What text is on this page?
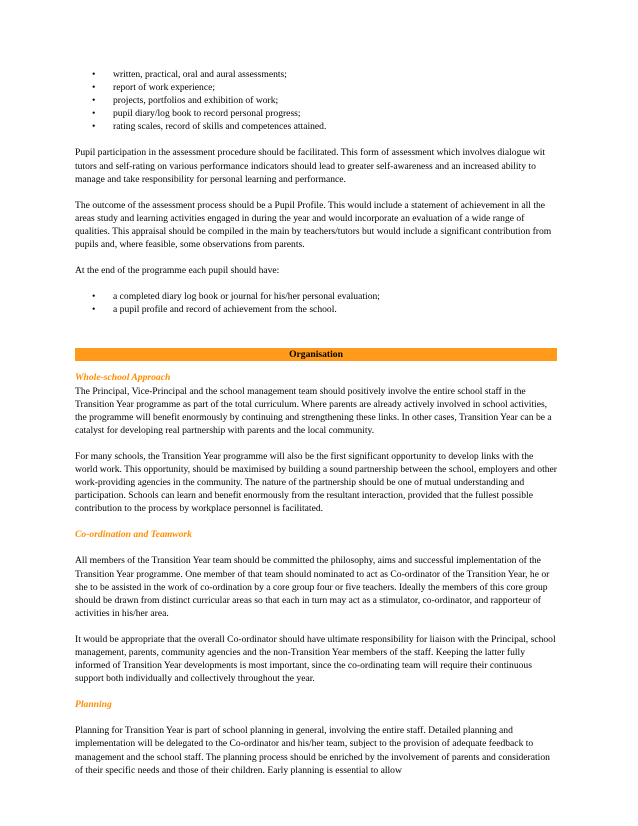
• written, practical, oral and aural assessments;
• report of work experience;
• projects, portfolios and exhibition of work;
• pupil diary/log book to record personal progress;
• rating scales, record of skills and competences attained.

Pupil participation in the assessment procedure should be facilitated. This form of assessment which involves dialogue wit tutors and self-rating on various performance indicators should lead to greater self-awareness and an increased ability to manage and take responsibility for personal learning and performance.

The outcome of the assessment process should be a Pupil Profile. This would include a statement of achievement in all the areas study and learning activities engaged in during the year and would incorporate an evaluation of a wide range of qualities. This appraisal should be compiled in the main by teachers/tutors but would include a significant contribution from pupils and, where feasible, some observations from parents.

At the end of the programme each pupil should have:

• a completed diary log book or journal for his/her personal evaluation;
• a pupil profile and record of achievement from the school.
Organisation

Whole-school Approach

The Principal, Vice-Principal and the school management team should positively involve the entire school staff in the Transition Year programme as part of the total curriculum. Where parents are already actively involved in school activities, the programme will benefit enormously by continuing and strengthening these links. In other cases, Transition Year can be a catalyst for developing real partnership with parents and the local community.

For many schools, the Transition Year programme will also be the first significant opportunity to develop links with the world work. This opportunity, should be maximised by building a sound partnership between the school, employers and other work-providing agencies in the community. The nature of the partnership should be one of mutual understanding and participation. Schools can learn and benefit enormously from the resultant interaction, provided that the fullest possible contribution to the process by workplace personnel is facilitated.

Co-ordination and Teamwork

All members of the Transition Year team should be committed the philosophy, aims and successful implementation of the Transition Year programme. One member of that team should nominated to act as Co-ordinator of the Transition Year, he or she to be assisted in the work of co-ordination by a core group four or five teachers. Ideally the members of this core group should be drawn from distinct curricular areas so that each in turn may act as a stimulator, co-ordinator, and rapporteur of activities in his/her area.

It would be appropriate that the overall Co-ordinator should have ultimate responsibility for liaison with the Principal, school management, parents, community agencies and the non-Transition Year members of the staff. Keeping the latter fully informed of Transition Year developments is most important, since the co-ordinating team will require their continuous support both individually and collectively throughout the year.

Planning

Planning for Transition Year is part of school planning in general, involving the entire staff. Detailed planning and implementation will be delegated to the Co-ordinator and his/her team, subject to the provision of adequate feedback to management and the school staff. The planning process should be enriched by the involvement of parents and consideration of their specific needs and those of their children. Early planning is essential to allow
